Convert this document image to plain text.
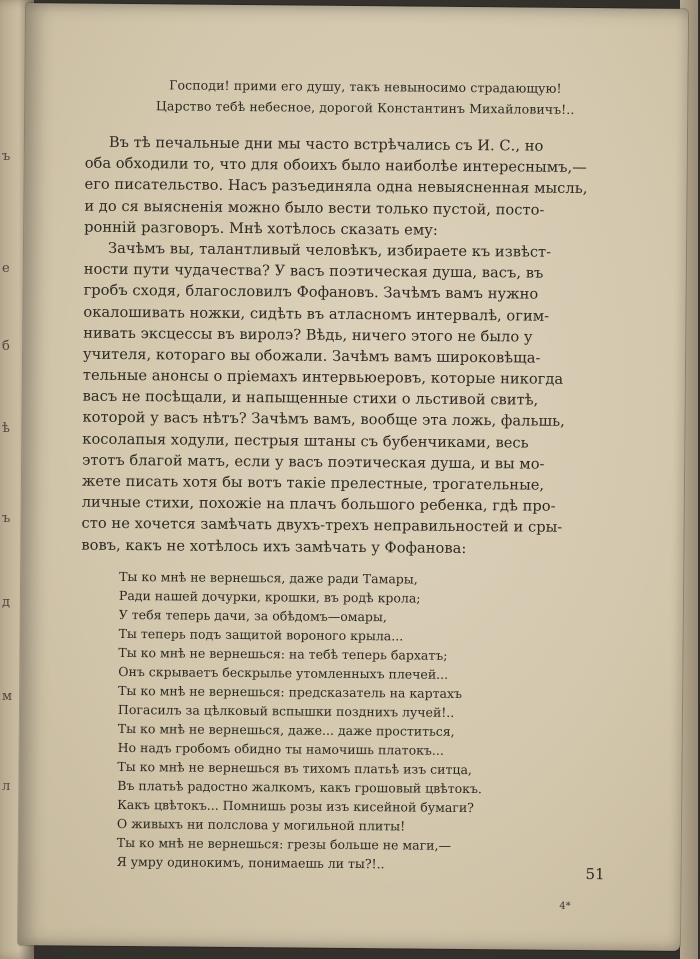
ъ
е
б
ѣ
ъ
д
м
л
Господи! прими его душу, такъ невыносимо страдающую!
Царство тебѣ небесное, дорогой Константинъ Михайловичъ!..
Въ тѣ печальные дни мы часто встрѣчались съ И. С., но
оба обходили то, что для обоихъ было наиболѣе интереснымъ,—
его писательство. Насъ разъединяла одна невыясненная мысль,
и до ся выясненія можно было вести только пустой, посто-
ронній разговоръ. Мнѣ хотѣлось сказать ему:
Зачѣмъ вы, талантливый человѣкъ, избираете къ извѣст-
ности пути чудачества? У васъ поэтическая душа, васъ, въ
гробъ сходя, благословилъ Фофановъ. Зачѣмъ вамъ нужно
окалошивать ножки, сидѣть въ атласномъ интервалѣ, огим-
нивать эксцессы въ виролэ? Вѣдь, ничего этого не было у
учителя, котораго вы обожали. Зачѣмъ вамъ широковѣща-
тельные анонсы о пріемахъ интервьюеровъ, которые никогда
васъ не посѣщали, и напыщенные стихи о льстивой свитѣ,
которой у васъ нѣтъ? Зачѣмъ вамъ, вообще эта ложь, фальшь,
косолапыя ходули, пестрыя штаны съ бубенчиками, весь
этотъ благой матъ, если у васъ поэтическая душа, и вы мо-
жете писать хотя бы вотъ такіе прелестные, трогательные,
личные стихи, похожіе на плачъ большого ребенка, гдѣ про-
сто не хочется замѣчать двухъ-трехъ неправильностей и сры-
вовъ, какъ не хотѣлось ихъ замѣчать у Фофанова:
Ты ко мнѣ не вернешься, даже ради Тамары,
Ради нашей дочурки, крошки, въ родѣ крола;
У тебя теперь дачи, за обѣдомъ—омары,
Ты теперь подъ защитой вороного крыла...
Ты ко мнѣ не вернешься: на тебѣ теперь бархатъ;
Онъ скрываетъ бескрылье утомленныхъ плечей...
Ты ко мнѣ не вернешься: предсказатель на картахъ
Погасилъ за цѣлковый вспышки позднихъ лучей!..
Ты ко мнѣ не вернешься, даже... даже проститься,
Но надъ гробомъ обидно ты намочишь платокъ...
Ты ко мнѣ не вернешься въ тихомъ платьѣ изъ ситца,
Въ платьѣ радостно жалкомъ, какъ грошовый цвѣтокъ.
Какъ цвѣтокъ... Помнишь розы изъ кисейной бумаги?
О живыхъ ни полслова у могильной плиты!
Ты ко мнѣ не вернешься: грезы больше не маги,—
Я умру одинокимъ, понимаешь ли ты?!..
51
4*
